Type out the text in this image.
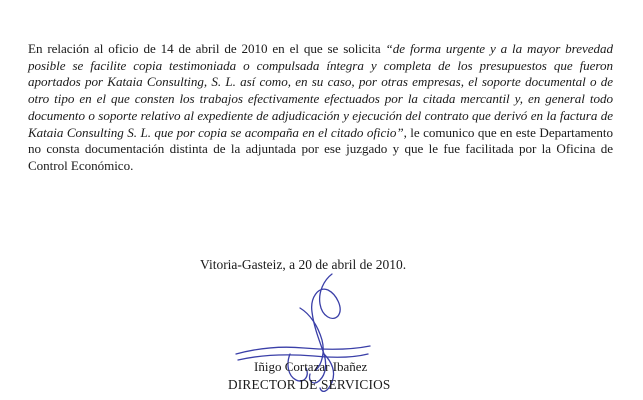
En relación al oficio de 14 de abril de 2010 en el que se solicita “de forma urgente y a la mayor brevedad posible se facilite copia testimoniada o compulsada íntegra y completa de los presupuestos que fueron aportados por Kataia Consulting, S. L. así como, en su caso, por otras empresas, el soporte documental o de otro tipo en el que consten los trabajos efectivamente efectuados por la citada mercantil y, en general todo documento o soporte relativo al expediente de adjudicación y ejecución del contrato que derivó en la factura de Kataia Consulting S. L. que por copia se acompaña en el citado oficio”, le comunico que en este Departamento no consta documentación distinta de la adjuntada por ese juzgado y que le fue facilitada por la Oficina de Control Económico.

Vitoria-Gasteiz, a 20 de abril de 2010.

Iñigo Cortazar Ibañez

DIRECTOR DE SERVICIOS
